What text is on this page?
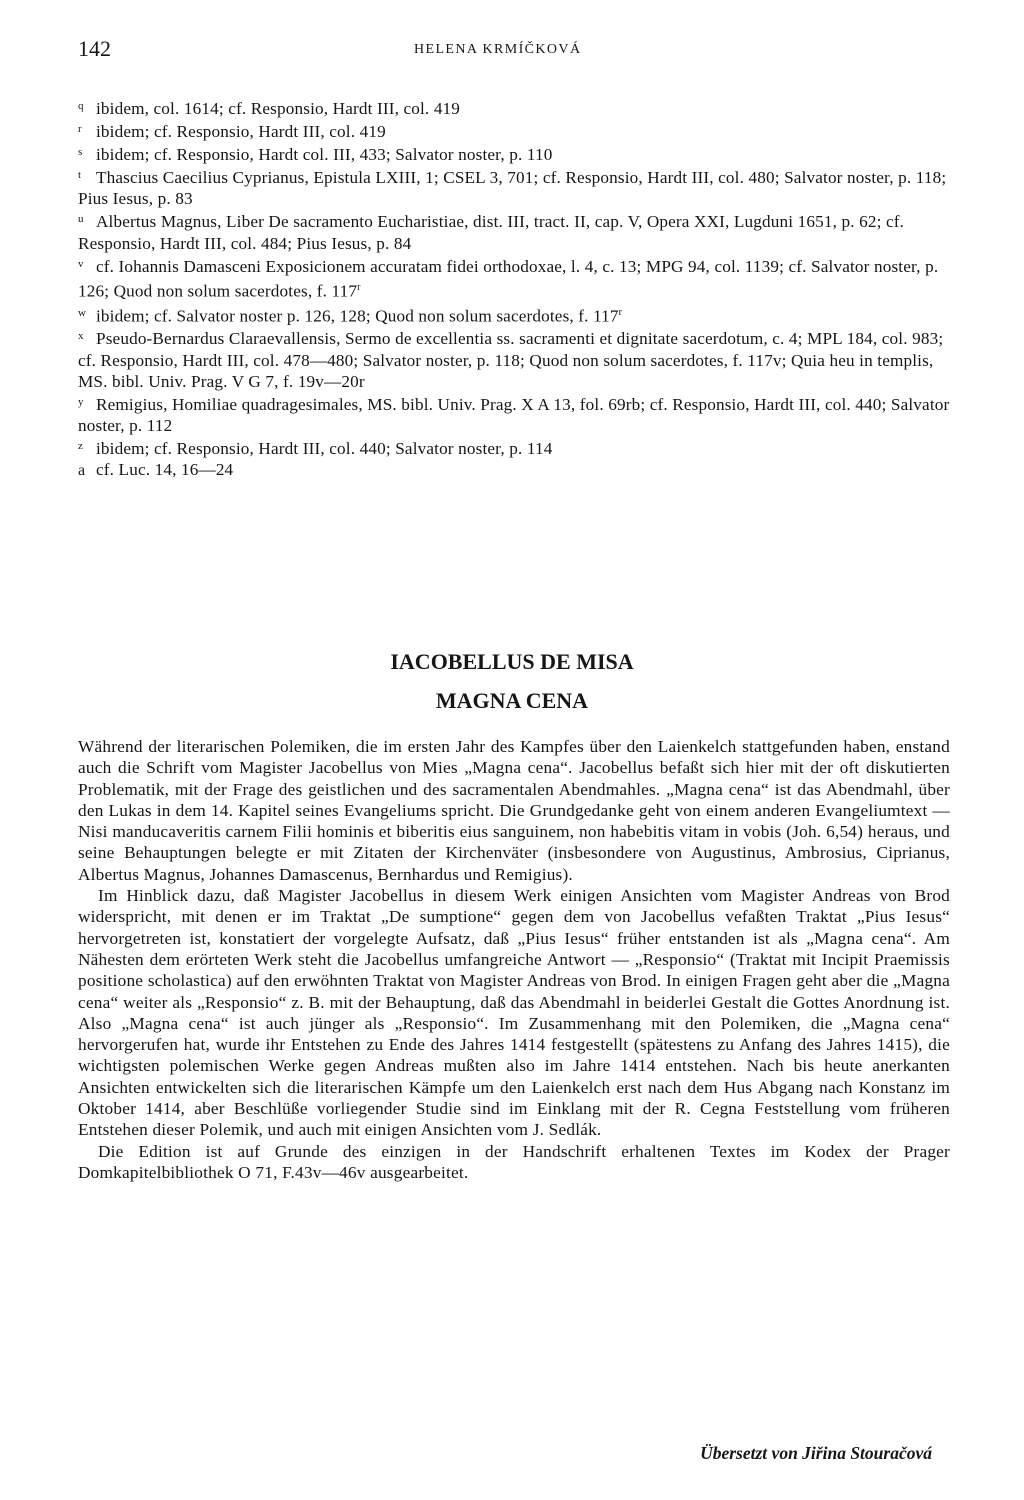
142	HELENA KRMÍČKOVÁ

q ibidem, col. 1614; cf. Responsio, Hardt III, col. 419

r ibidem; cf. Responsio, Hardt III, col. 419

s ibidem; cf. Responsio, Hardt col. III, 433; Salvator noster, p. 110

t Thascius Caecilius Cyprianus, Epistula LXIII, 1; CSEL 3, 701; cf. Responsio, Hardt III, col. 480; Salvator noster, p. 118; Pius Iesus, p. 83

u Albertus Magnus, Liber De sacramento Eucharistiae, dist. III, tract. II, cap. V, Opera XXI, Lugduni 1651, p. 62; cf. Responsio, Hardt III, col. 484; Pius Iesus, p. 84

v cf. Iohannis Damasceni Exposicionem accuratam fidei orthodoxae, l. 4, c. 13; MPG 94, col. 1139; cf. Salvator noster, p. 126; Quod non solum sacerdotes, f. 117$^r$

w ibidem; cf. Salvator noster p. 126, 128; Quod non solum sacerdotes, f. 117$^r$

x Pseudo-Bernardus Claraevallensis, Sermo de excellentia ss. sacramenti et dignitate sacerdotum, c. 4; MPL 184, col. 983; cf. Responsio, Hardt III, col. 478—480; Salvator noster, p. 118; Quod non solum sacerdotes, f. 117v; Quia heu in templis, MS. bibl. Univ. Prag. V G 7, f. 19v—20r

y Remigius, Homiliae quadragesimales, MS. bibl. Univ. Prag. X A 13, fol. 69rb; cf. Responsio, Hardt III, col. 440; Salvator noster, p. 112

z ibidem; cf. Responsio, Hardt III, col. 440; Salvator noster, p. 114

a cf. Luc. 14, 16—24

IACOBELLUS DE MISA
MAGNA CENA

Während der literarischen Polemiken, die im ersten Jahr des Kampfes über den Laienkelch stattgefunden haben, enstand auch die Schrift vom Magister Jacobellus von Mies „Magna cena“. Jacobellus befaßt sich hier mit der oft diskutierten Problematik, mit der Frage des geistlichen und des sacramentalen Abendmahles. „Magna cena“ ist das Abendmahl, über den Lukas in dem 14. Kapitel seines Evangeliums spricht. Die Grundgedanke geht von einem anderen Evangeliumtext — Nisi manducaveritis carnem Filii hominis et biberitis eius sanguinem, non habebitis vitam in vobis (Joh. 6,54) heraus, und seine Behauptungen belegte er mit Zitaten der Kirchenväter (insbesondere von Augustinus, Ambrosius, Ciprianus, Albertus Magnus, Johannes Damascenus, Bernhardus und Remigius).

Im Hinblick dazu, daß Magister Jacobellus in diesem Werk einigen Ansichten vom Magister Andreas von Brod widerspricht, mit denen er im Traktat „De sumptione“ gegen dem von Jacobellus vefaßten Traktat „Pius Iesus“ hervorgetreten ist, konstatiert der vorgelegte Aufsatz, daß „Pius Iesus“ früher entstanden ist als „Magna cena“. Am Nähesten dem erörteten Werk steht die Jacobellus umfangreiche Antwort — „Responsio“ (Traktat mit Incipit Praemissis positione scholastica) auf den erwöhnten Traktat von Magister Andreas von Brod. In einigen Fragen geht aber die „Magna cena“ weiter als „Responsio“ z. B. mit der Behauptung, daß das Abendmahl in beiderlei Gestalt die Gottes Anordnung ist. Also „Magna cena“ ist auch jünger als „Responsio“. Im Zusammenhang mit den Polemiken, die „Magna cena“ hervorgerufen hat, wurde ihr Entstehen zu Ende des Jahres 1414 festgestellt (spätestens zu Anfang des Jahres 1415), die wichtigsten polemischen Werke gegen Andreas mußten also im Jahre 1414 entstehen. Nach bis heute anerkanten Ansichten entwickelten sich die literarischen Kämpfe um den Laienkelch erst nach dem Hus Abgang nach Konstanz im Oktober 1414, aber Beschlüße vorliegender Studie sind im Einklang mit der R. Cegna Feststellung vom früheren Entstehen dieser Polemik, und auch mit einigen Ansichten vom J. Sedlák.

Die Edition ist auf Grunde des einzigen in der Handschrift erhaltenen Textes im Kodex der Prager Domkapitelbibliothek O 71, F.43v—46v ausgearbeitet.

Übersetzt von Jiřina Stouračová
